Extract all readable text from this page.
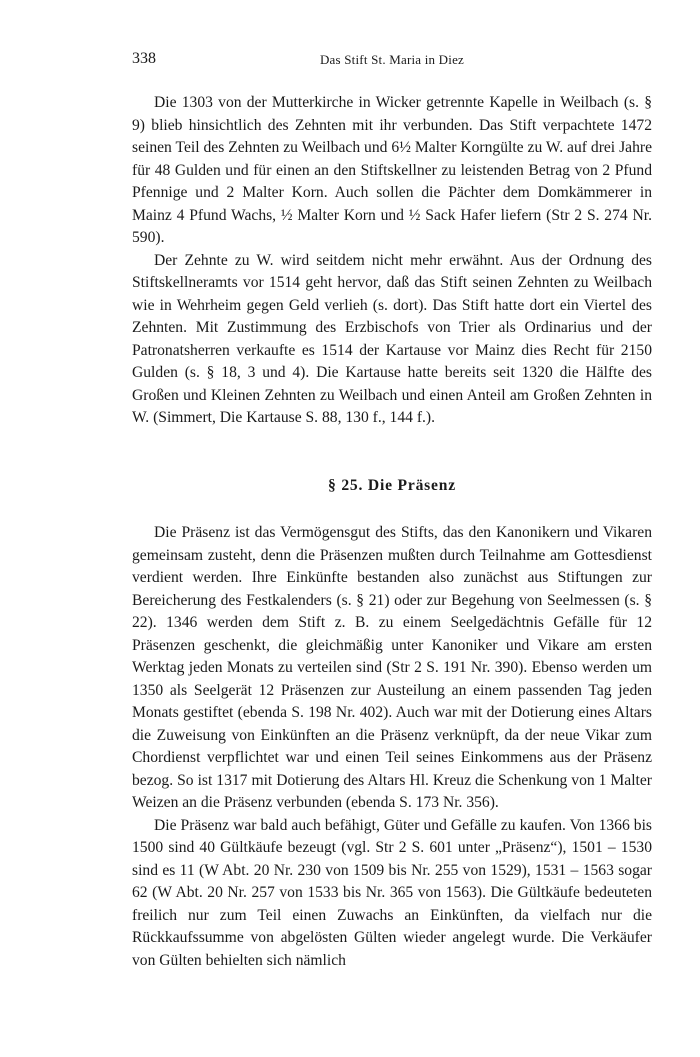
338	Das Stift St. Maria in Diez

Die 1303 von der Mutterkirche in Wicker getrennte Kapelle in Weilbach (s. § 9) blieb hinsichtlich des Zehnten mit ihr verbunden. Das Stift verpachtete 1472 seinen Teil des Zehnten zu Weilbach und 6½ Malter Korngülte zu W. auf drei Jahre für 48 Gulden und für einen an den Stiftskellner zu leistenden Betrag von 2 Pfund Pfennige und 2 Malter Korn. Auch sollen die Pächter dem Domkämmerer in Mainz 4 Pfund Wachs, ½ Malter Korn und ½ Sack Hafer liefern (Str 2 S. 274 Nr. 590).

Der Zehnte zu W. wird seitdem nicht mehr erwähnt. Aus der Ordnung des Stiftskellneramts vor 1514 geht hervor, daß das Stift seinen Zehnten zu Weilbach wie in Wehrheim gegen Geld verlieh (s. dort). Das Stift hatte dort ein Viertel des Zehnten. Mit Zustimmung des Erzbischofs von Trier als Ordinarius und der Patronatsherren verkaufte es 1514 der Kartause vor Mainz dies Recht für 2150 Gulden (s. § 18, 3 und 4). Die Kartause hatte bereits seit 1320 die Hälfte des Großen und Kleinen Zehnten zu Weilbach und einen Anteil am Großen Zehnten in W. (Simmert, Die Kartause S. 88, 130 f., 144 f.).

§ 25. Die Präsenz

Die Präsenz ist das Vermögensgut des Stifts, das den Kanonikern und Vikaren gemeinsam zusteht, denn die Präsenzen mußten durch Teilnahme am Gottesdienst verdient werden. Ihre Einkünfte bestanden also zunächst aus Stiftungen zur Bereicherung des Festkalenders (s. § 21) oder zur Begehung von Seelmessen (s. § 22). 1346 werden dem Stift z. B. zu einem Seelgedächtnis Gefälle für 12 Präsenzen geschenkt, die gleichmäßig unter Kanoniker und Vikare am ersten Werktag jeden Monats zu verteilen sind (Str 2 S. 191 Nr. 390). Ebenso werden um 1350 als Seelgerät 12 Präsenzen zur Austeilung an einem passenden Tag jeden Monats gestiftet (ebenda S. 198 Nr. 402). Auch war mit der Dotierung eines Altars die Zuweisung von Einkünften an die Präsenz verknüpft, da der neue Vikar zum Chordienst verpflichtet war und einen Teil seines Einkommens aus der Präsenz bezog. So ist 1317 mit Dotierung des Altars Hl. Kreuz die Schenkung von 1 Malter Weizen an die Präsenz verbunden (ebenda S. 173 Nr. 356).

Die Präsenz war bald auch befähigt, Güter und Gefälle zu kaufen. Von 1366 bis 1500 sind 40 Gültkäufe bezeugt (vgl. Str 2 S. 601 unter „Präsenz“), 1501 – 1530 sind es 11 (W Abt. 20 Nr. 230 von 1509 bis Nr. 255 von 1529), 1531 – 1563 sogar 62 (W Abt. 20 Nr. 257 von 1533 bis Nr. 365 von 1563). Die Gültkäufe bedeuteten freilich nur zum Teil einen Zuwachs an Einkünften, da vielfach nur die Rückkaufssumme von abgelösten Gülten wieder angelegt wurde. Die Verkäufer von Gülten behielten sich nämlich
